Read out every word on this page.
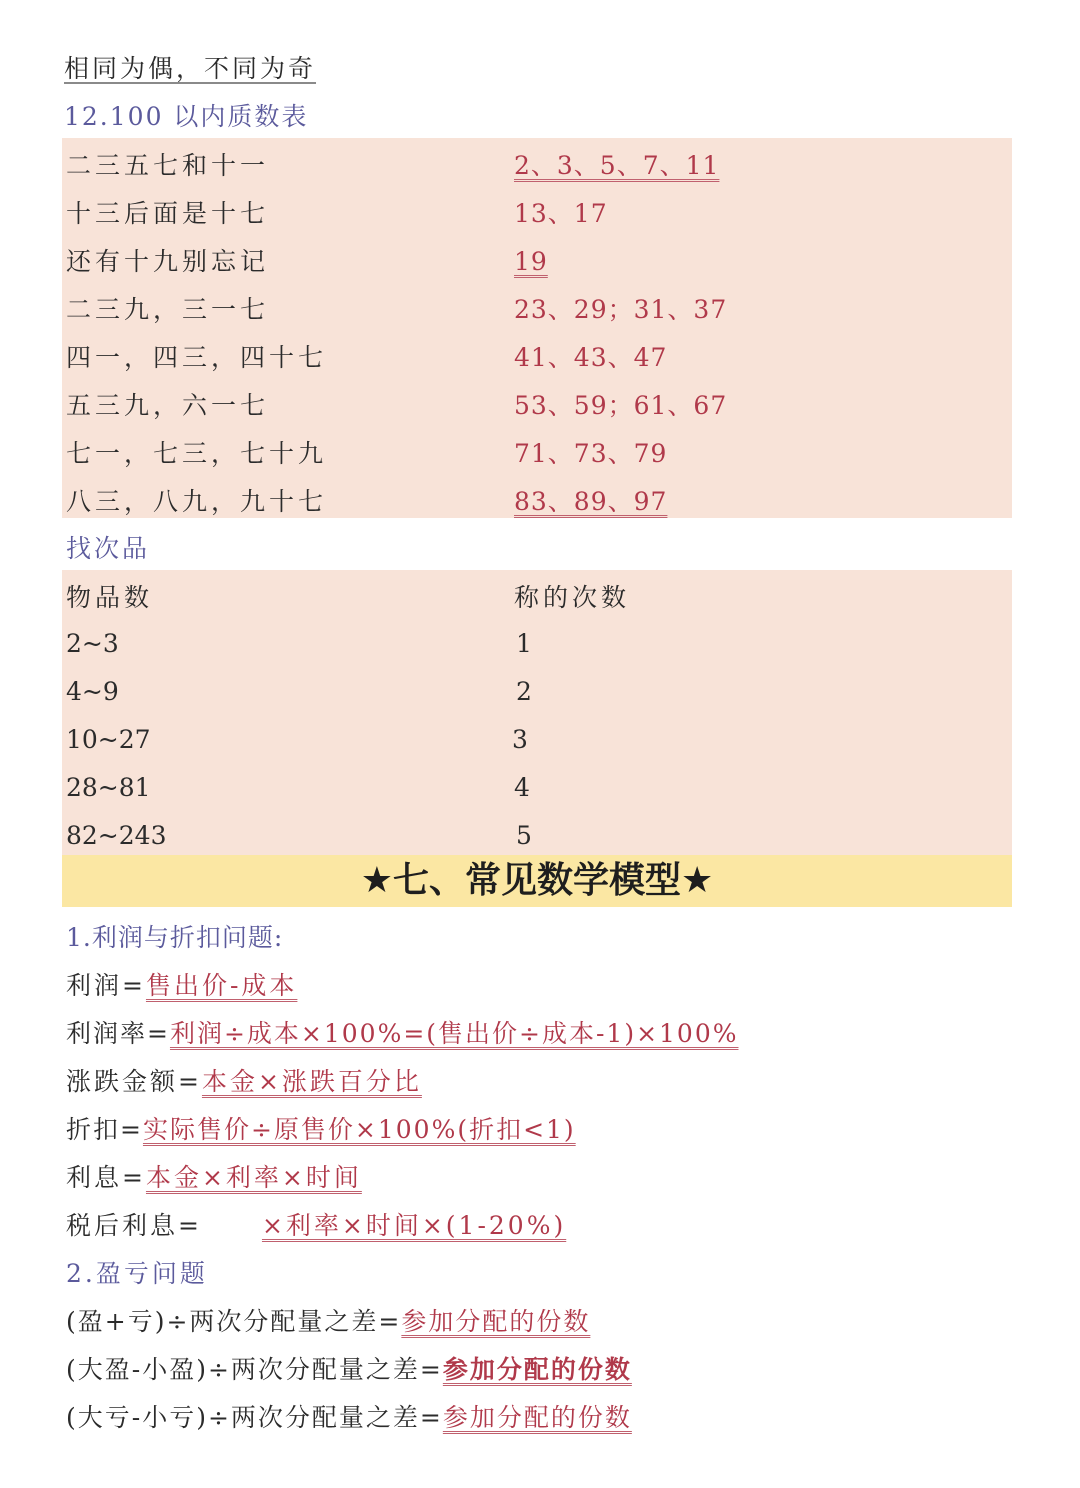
相同为偶，不同为奇
12.100 以内质数表
二三五七和十一	2、3、5、7、11
十三后面是十七	13、17
还有十九别忘记	19
二三九，三一七	23、29；31、37
四一，四三，四十七	41、43、47
五三九，六一七	53、59；61、67
七一，七三，七十九	71、73、79
八三，八九，九十七	83、89、97
找次品
物品数	称的次数
2~3	1
4~9	2
10~27	3
28~81	4
82~243	5
★七、常见数学模型★
1.利润与折扣问题:
利润=售出价-成本
利润率=利润÷成本×100%=(售出价÷成本-1)×100%
涨跌金额=本金×涨跌百分比
折扣=实际售价÷原售价×100%(折扣<1)
利息=本金×利率×时间
税后利息= ×利率×时间×(1-20%)
2.盈亏问题
(盈+亏)÷两次分配量之差=参加分配的份数
(大盈-小盈)÷两次分配量之差=参加分配的份数
(大亏-小亏)÷两次分配量之差=参加分配的份数
